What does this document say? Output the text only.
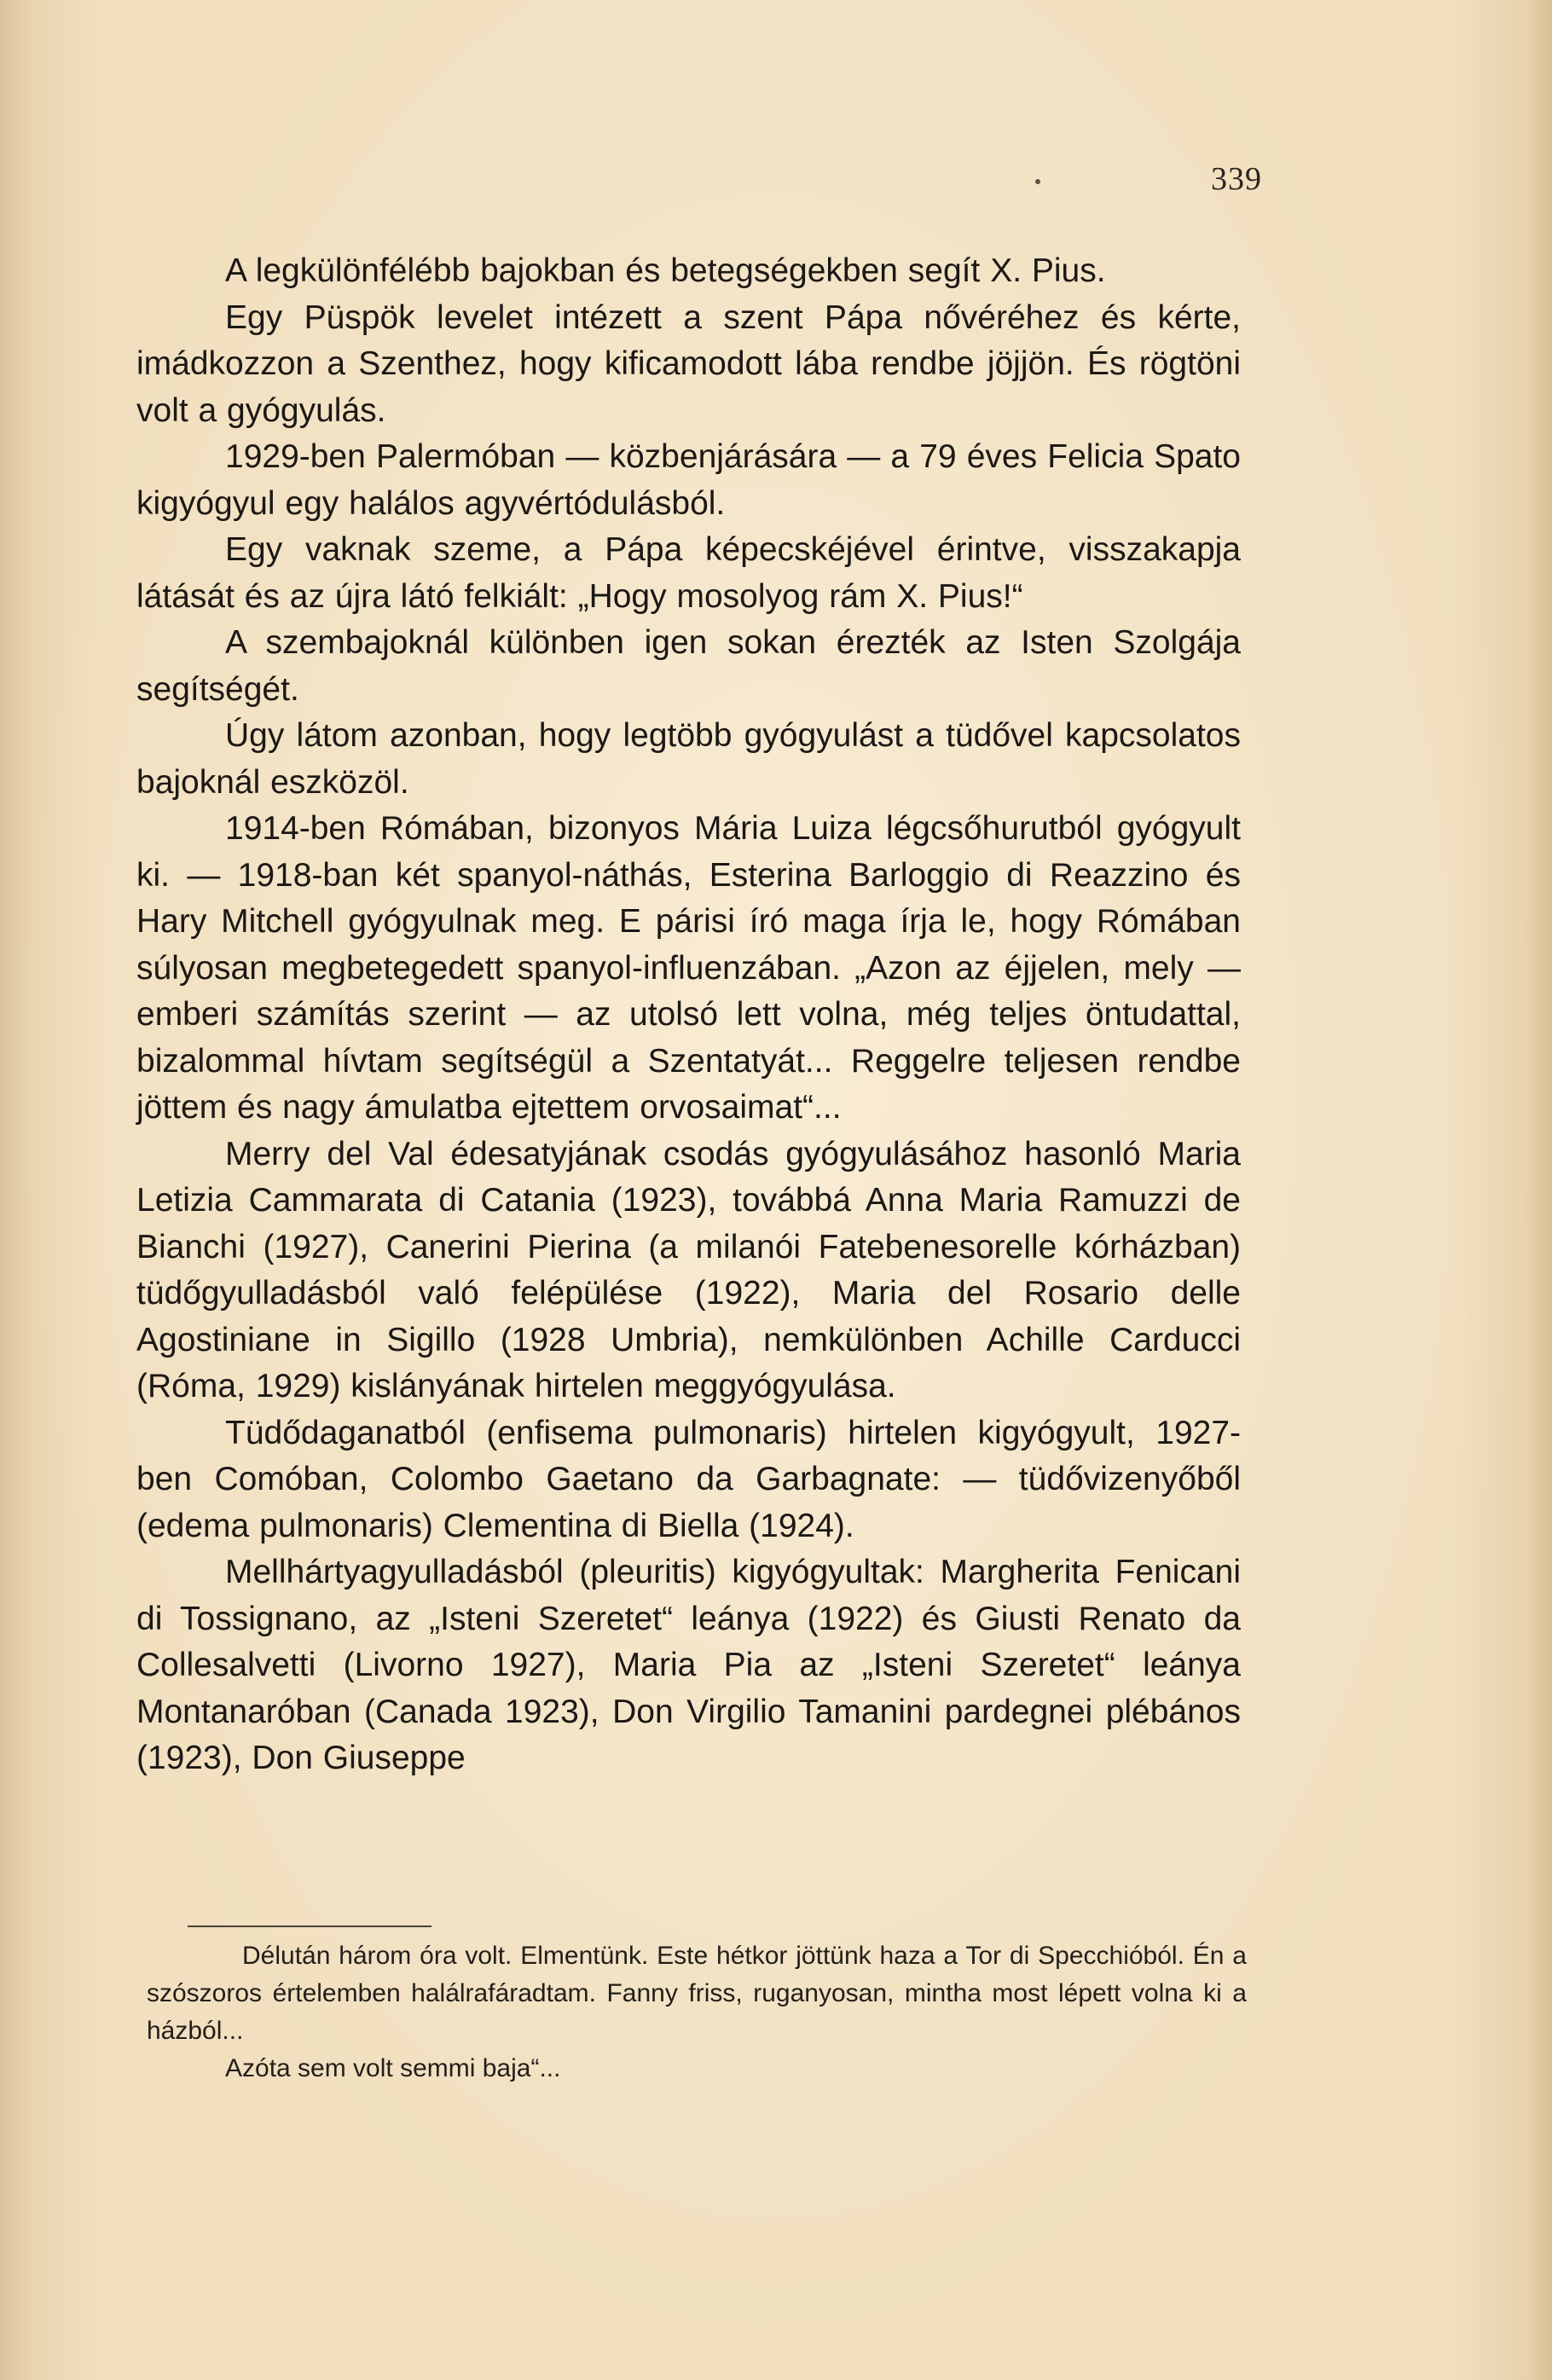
339

A legkülönfélébb bajokban és betegségekben segít X. Pius.

Egy Püspök levelet intézett a szent Pápa nővéréhez és kérte, imádkozzon a Szenthez, hogy kificamodott lába rendbe jöjjön. És rögtöni volt a gyógyulás.

1929-ben Palermóban — közbenjárására — a 79 éves Felicia Spato kigyógyul egy halálos agyvértódulásból.

Egy vaknak szeme, a Pápa képecskéjével érintve, visszakapja látását és az újra látó felkiált: „Hogy mosolyog rám X. Pius!“

A szembajoknál különben igen sokan érezték az Isten Szolgája segítségét.

Úgy látom azonban, hogy legtöbb gyógyulást a tüdővel kapcsolatos bajoknál eszközöl.

1914-ben Rómában, bizonyos Mária Luiza légcsőhurutból gyógyult ki. — 1918-ban két spanyol-náthás, Esterina Barloggio di Reazzino és Hary Mitchell gyógyulnak meg. E párisi író maga írja le, hogy Rómában súlyosan megbetegedett spanyol-influenzában. „Azon az éjjelen, mely — emberi számítás szerint — az utolsó lett volna, még teljes öntudattal, bizalommal hívtam segítségül a Szentatyát... Reggelre teljesen rendbe jöttem és nagy ámulatba ejtettem orvosaimat“...

Merry del Val édesatyjának csodás gyógyulásához hasonló Maria Letizia Cammarata di Catania (1923), továbbá Anna Maria Ramuzzi de Bianchi (1927), Canerini Pierina (a milanói Fatebenesorelle kórházban) tüdőgyulladásból való felépülése (1922), Maria del Rosario delle Agostiniane in Sigillo (1928 Umbria), nemkülönben Achille Carducci (Róma, 1929) kislányának hirtelen meggyógyulása.

Tüdődaganatból (enfisema pulmonaris) hirtelen kigyógyult, 1927-ben Comóban, Colombo Gaetano da Garbagnate: — tüdővizenyőből (edema pulmonaris) Clementina di Biella (1924).

Mellhártyagyulladásból (pleuritis) kigyógyultak: Margherita Fenicani di Tossignano, az „Isteni Szeretet“ leánya (1922) és Giusti Renato da Collesalvetti (Livorno 1927), Maria Pia az „Isteni Szeretet“ leánya Montanaróban (Canada 1923), Don Virgilio Tamanini pardegnei plébános (1923), Don Giuseppe

Délután három óra volt. Elmentünk. Este hétkor jöttünk haza a Tor di Specchióból. Én a szószoros értelemben halálrafáradtam. Fanny friss, ruganyosan, mintha most lépett volna ki a házból...

Azóta sem volt semmi baja“...
